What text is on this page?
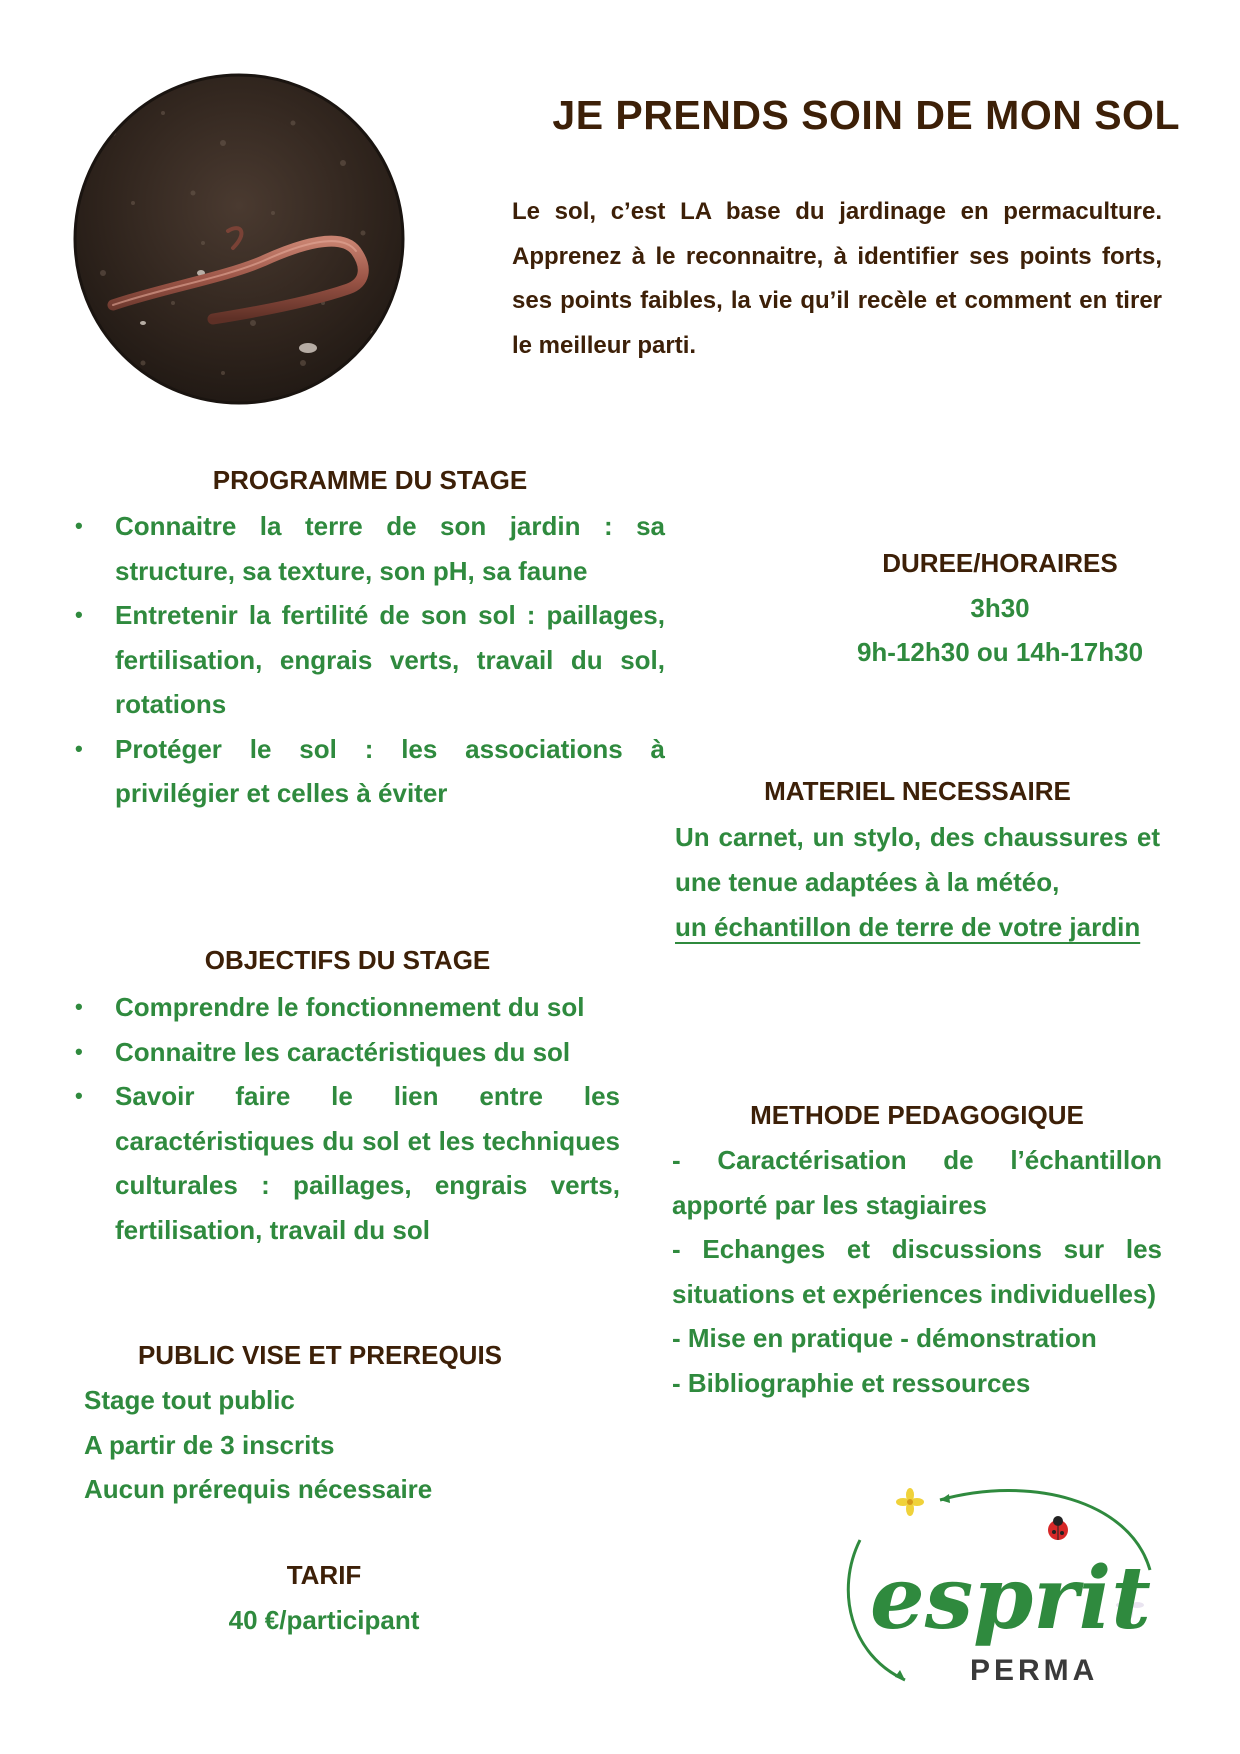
JE PRENDS SOIN DE MON SOL

Le sol, c’est LA base du jardinage en permaculture. Apprenez à le reconnaitre, à identifier ses points forts, ses points faibles, la vie qu’il recèle et comment en tirer le meilleur parti.

PROGRAMME DU STAGE
• Connaitre la terre de son jardin : sa structure, sa texture, son pH, sa faune
• Entretenir la fertilité de son sol : paillages, fertilisation, engrais verts, travail du sol, rotations
• Protéger le sol : les associations à privilégier et celles à éviter
OBJECTIFS DU STAGE
• Comprendre le fonctionnement du sol
• Connaitre les caractéristiques du sol
• Savoir faire le lien entre les caractéristiques du sol et les techniques culturales : paillages, engrais verts, fertilisation, travail du sol
PUBLIC VISE ET PREREQUIS
Stage tout public
A partir de 3 inscrits
Aucun prérequis nécessaire
TARIF
40 €/participant
DUREE/HORAIRES
3h30
9h-12h30 ou 14h-17h30
MATERIEL NECESSAIRE
Un carnet, un stylo, des chaussures et une tenue adaptées à la météo,
un échantillon de terre de votre jardin
METHODE PEDAGOGIQUE
- Caractérisation de l’échantillon apporté par les stagiaires
- Echanges et discussions sur les situations et expériences individuelles)
- Mise en pratique - démonstration
- Bibliographie et ressources
esprit
PERMA
